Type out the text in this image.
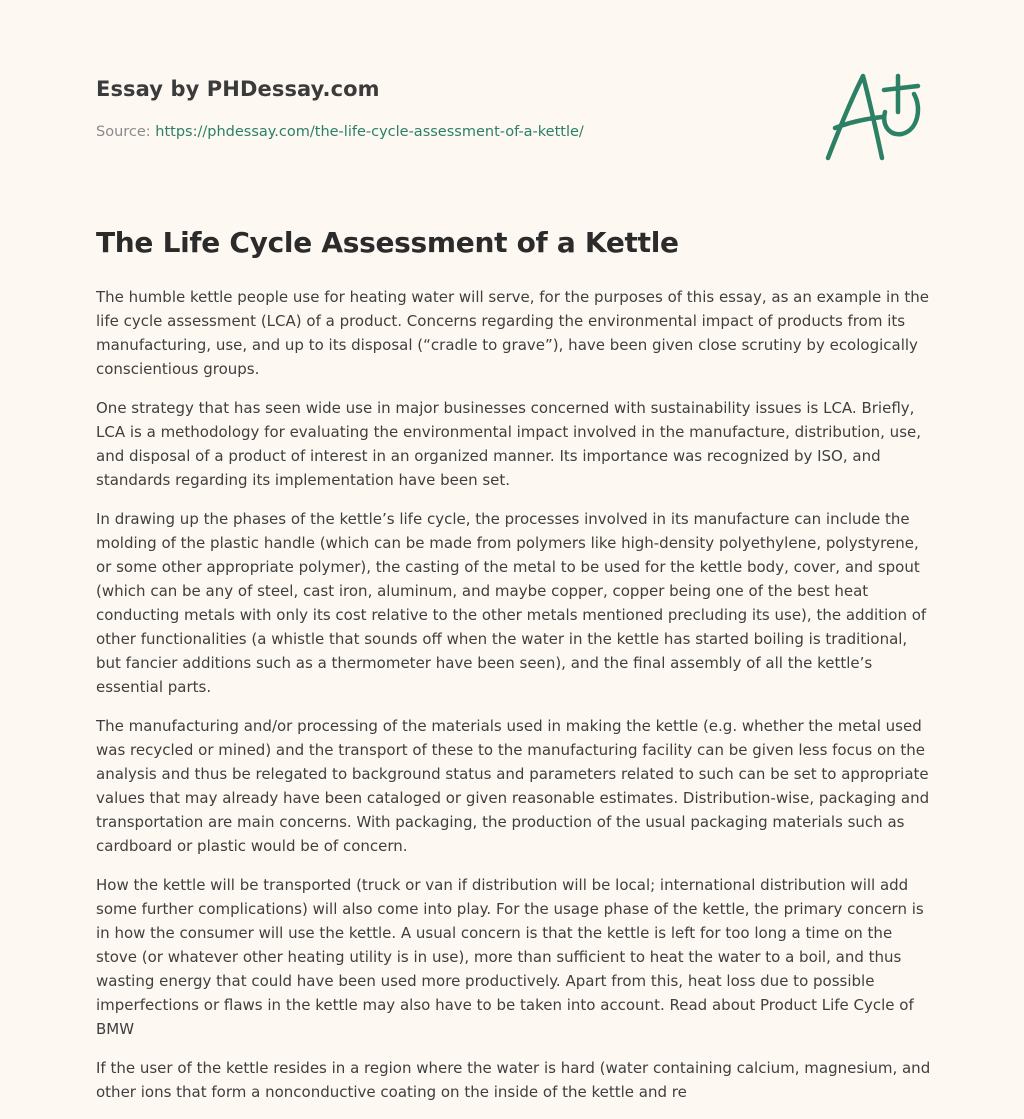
Essay by PHDessay.com
Source: https://phdessay.com/the-life-cycle-assessment-of-a-kettle/
The Life Cycle Assessment of a Kettle

The humble kettle people use for heating water will serve, for the purposes of this essay, as an example in the life cycle assessment (LCA) of a product. Concerns regarding the environmental impact of products from its manufacturing, use, and up to its disposal (“cradle to grave”), have been given close scrutiny by ecologically conscientious groups.

One strategy that has seen wide use in major businesses concerned with sustainability issues is LCA. Briefly, LCA is a methodology for evaluating the environmental impact involved in the manufacture, distribution, use, and disposal of a product of interest in an organized manner. Its importance was recognized by ISO, and standards regarding its implementation have been set.

In drawing up the phases of the kettle’s life cycle, the processes involved in its manufacture can include the molding of the plastic handle (which can be made from polymers like high-density polyethylene, polystyrene, or some other appropriate polymer), the casting of the metal to be used for the kettle body, cover, and spout (which can be any of steel, cast iron, aluminum, and maybe copper, copper being one of the best heat conducting metals with only its cost relative to the other metals mentioned precluding its use), the addition of other functionalities (a whistle that sounds off when the water in the kettle has started boiling is traditional, but fancier additions such as a thermometer have been seen), and the final assembly of all the kettle’s essential parts.

The manufacturing and/or processing of the materials used in making the kettle (e.g. whether the metal used was recycled or mined) and the transport of these to the manufacturing facility can be given less focus on the analysis and thus be relegated to background status and parameters related to such can be set to appropriate values that may already have been cataloged or given reasonable estimates. Distribution-wise, packaging and transportation are main concerns. With packaging, the production of the usual packaging materials such as cardboard or plastic would be of concern.

How the kettle will be transported (truck or van if distribution will be local; international distribution will add some further complications) will also come into play. For the usage phase of the kettle, the primary concern is in how the consumer will use the kettle. A usual concern is that the kettle is left for too long a time on the stove (or whatever other heating utility is in use), more than sufficient to heat the water to a boil, and thus wasting energy that could have been used more productively. Apart from this, heat loss due to possible imperfections or flaws in the kettle may also have to be taken into account. Read about Product Life Cycle of BMW

If the user of the kettle resides in a region where the water is hard (water containing calcium, magnesium, and other ions that form a nonconductive coating on the inside of the kettle and re
